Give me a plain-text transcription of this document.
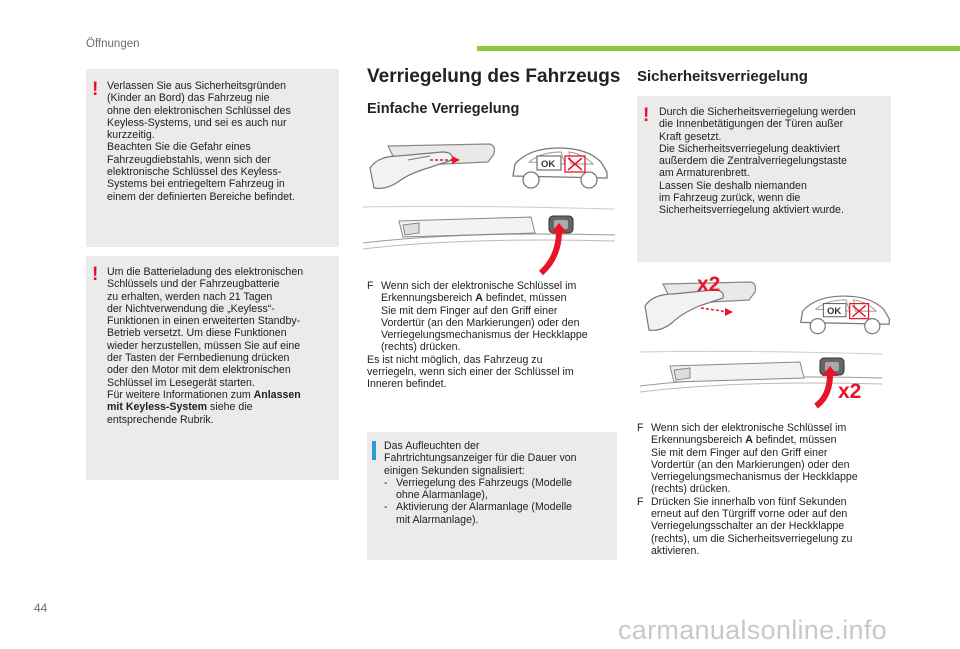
Öffnungen
! Verlassen Sie aus Sicherheitsgründen
(Kinder an Bord) das Fahrzeug nie
ohne den elektronischen Schlüssel des
Keyless-Systems, und sei es auch nur
kurzzeitig.
Beachten Sie die Gefahr eines
Fahrzeugdiebstahls, wenn sich der
elektronische Schlüssel des Keyless-
Systems bei entriegeltem Fahrzeug in
einem der definierten Bereiche befindet.

! Um die Batterieladung des elektronischen
Schlüssels und der Fahrzeugbatterie
zu erhalten, werden nach 21 Tagen
der Nichtverwendung die „Keyless“-
Funktionen in einen erweiterten Standby-
Betrieb versetzt. Um diese Funktionen
wieder herzustellen, müssen Sie auf eine
der Tasten der Fernbedienung drücken
oder den Motor mit dem elektronischen
Schlüssel im Lesegerät starten.
Für weitere Informationen zum Anlassen
mit Keyless-System siehe die
entsprechende Rubrik.

Verriegelung des Fahrzeugs
Einfache Verriegelung
OK
F Wenn sich der elektronische Schlüssel im
Erkennungsbereich A befindet, müssen
Sie mit dem Finger auf den Griff einer
Vordertür (an den Markierungen) oder den
Verriegelungsmechanismus der Heckklappe
(rechts) drücken.

Es ist nicht möglich, das Fahrzeug zu
verriegeln, wenn sich einer der Schlüssel im
Inneren befindet.

Das Aufleuchten der
Fahrtrichtungsanzeiger für die Dauer von
einigen Sekunden signalisiert:

- Verriegelung des Fahrzeugs (Modelle
ohne Alarmanlage),
- Aktivierung der Alarmanlage (Modelle
mit Alarmanlage).
Sicherheitsverriegelung
! Durch die Sicherheitsverriegelung werden
die Innenbetätigungen der Türen außer
Kraft gesetzt.
Die Sicherheitsverriegelung deaktiviert
außerdem die Zentralverriegelungstaste
am Armaturenbrett.
Lassen Sie deshalb niemanden
im Fahrzeug zurück, wenn die
Sicherheitsverriegelung aktiviert wurde.

x2
OK
x2
F Wenn sich der elektronische Schlüssel im
Erkennungsbereich A befindet, müssen
Sie mit dem Finger auf den Griff einer
Vordertür (an den Markierungen) oder den
Verriegelungsmechanismus der Heckklappe
(rechts) drücken.
F Drücken Sie innerhalb von fünf Sekunden
erneut auf den Türgriff vorne oder auf den
Verriegelungsschalter an der Heckklappe
(rechts), um die Sicherheitsverriegelung zu
aktivieren.
44
carmanualsonline.info
